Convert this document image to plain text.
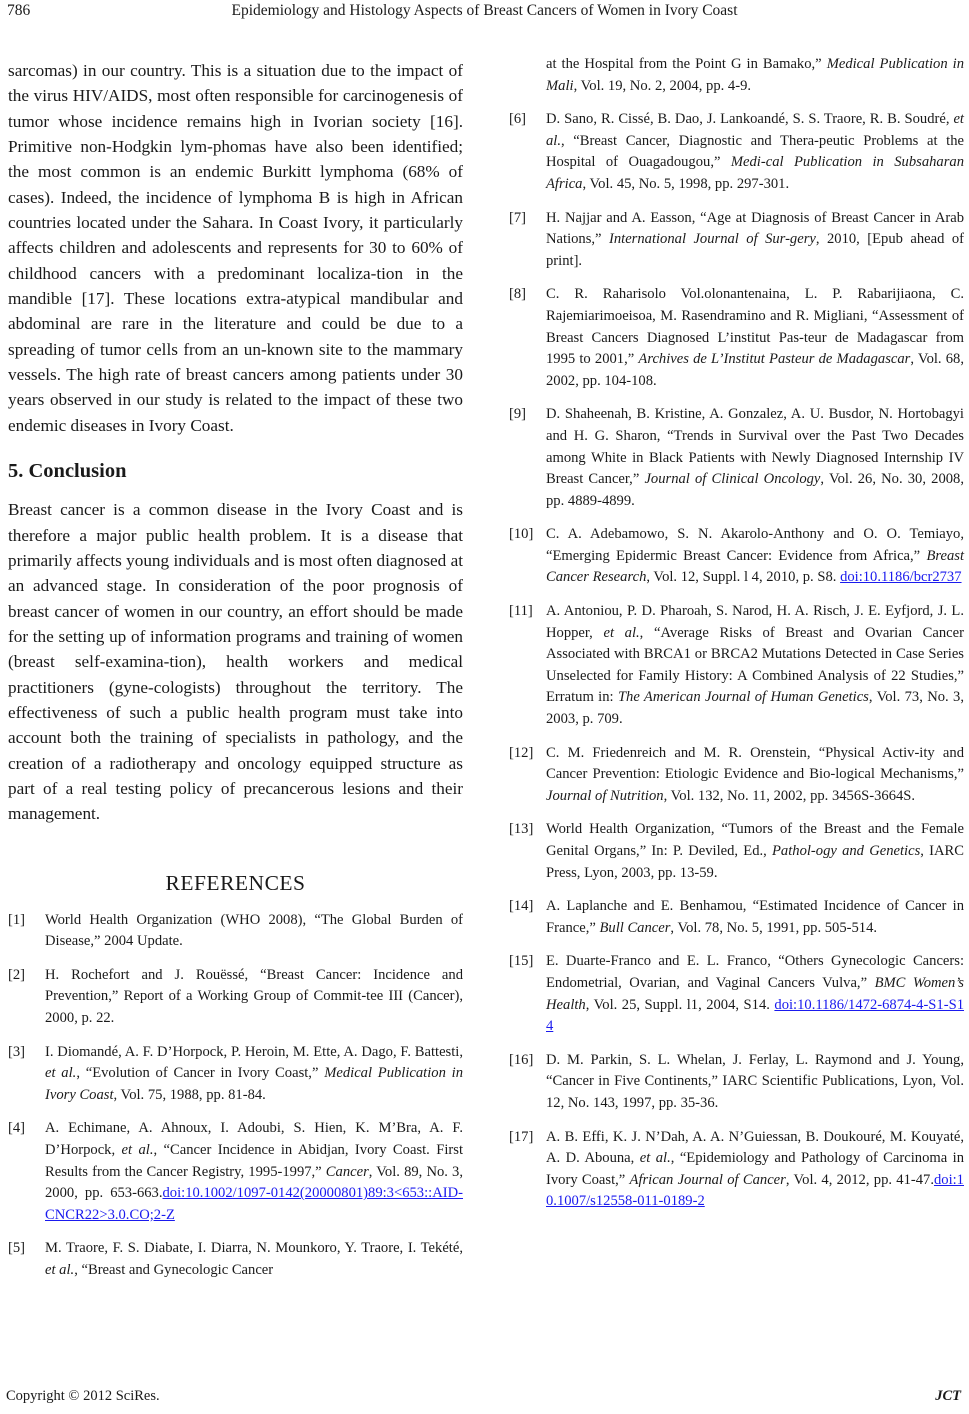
786	Epidemiology and Histology Aspects of Breast Cancers of Women in Ivory Coast

sarcomas) in our country. This is a situation due to the impact of the virus HIV/AIDS, most often responsible for carcinogenesis of tumor whose incidence remains high in Ivorian society [16]. Primitive non-Hodgkin lym-phomas have also been identified; the most common is an endemic Burkitt lymphoma (68% of cases). Indeed, the incidence of lymphoma B is high in African countries located under the Sahara. In Coast Ivory, it particularly affects children and adolescents and represents for 30 to 60% of childhood cancers with a predominant localiza-tion in the mandible [17]. These locations extra-atypical mandibular and abdominal are rare in the literature and could be due to a spreading of tumor cells from an un-known site to the mammary vessels. The high rate of breast cancers among patients under 30 years observed in our study is related to the impact of these two endemic diseases in Ivory Coast.

5. Conclusion

Breast cancer is a common disease in the Ivory Coast and is therefore a major public health problem. It is a disease that primarily affects young individuals and is most often diagnosed at an advanced stage. In consideration of the poor prognosis of breast cancer of women in our country, an effort should be made for the setting up of information programs and training of women (breast self-examina-tion), health workers and medical practitioners (gyne-cologists) throughout the territory. The effectiveness of such a public health program must take into account both the training of specialists in pathology, and the creation of a radiotherapy and oncology equipped structure as part of a real testing policy of precancerous lesions and their management.

REFERENCES
[1] World Health Organization (WHO 2008), “The Global Burden of Disease,” 2004 Update.
[2] H. Rochefort and J. Rouëssé, “Breast Cancer: Incidence and Prevention,” Report of a Working Group of Commit-tee III (Cancer), 2000, p. 22.
[3] I. Diomandé, A. F. D’Horpock, P. Heroin, M. Ette, A. Dago, F. Battesti, et al., “Evolution of Cancer in Ivory Coast,” Medical Publication in Ivory Coast, Vol. 75, 1988, pp. 81-84.
[4] A. Echimane, A. Ahnoux, I. Adoubi, S. Hien, K. M’Bra, A. F. D’Horpock, et al., “Cancer Incidence in Abidjan, Ivory Coast. First Results from the Cancer Registry, 1995-1997,” Cancer, Vol. 89, No. 3, 2000, pp. 653-663.doi:10.1002/1097-0142(20000801)89:3<653::AID-CNCR22>3.0.CO;2-Z
[5] M. Traore, F. S. Diabate, I. Diarra, N. Mounkoro, Y. Traore, I. Tekété, et al., “Breast and Gynecologic Cancer
at the Hospital from the Point G in Bamako,” Medical Publication in Mali, Vol. 19, No. 2, 2004, pp. 4-9.
[6] D. Sano, R. Cissé, B. Dao, J. Lankoandé, S. S. Traore, R. B. Soudré, et al., “Breast Cancer, Diagnostic and Thera-peutic Problems at the Hospital of Ouagadougou,” Medi-cal Publication in Subsaharan Africa, Vol. 45, No. 5, 1998, pp. 297-301.
[7] H. Najjar and A. Easson, “Age at Diagnosis of Breast Cancer in Arab Nations,” International Journal of Sur-gery, 2010, [Epub ahead of print].
[8] C. R. Raharisolo Vol.olonantenaina, L. P. Rabarijiaona, C. Rajemiarimoeisoa, M. Rasendramino and R. Migliani, “Assessment of Breast Cancers Diagnosed L’institut Pas-teur de Madagascar from 1995 to 2001,” Archives de L’Institut Pasteur de Madagascar, Vol. 68, 2002, pp. 104-108.
[9] D. Shaheenah, B. Kristine, A. Gonzalez, A. U. Busdor, N. Hortobagyi and H. G. Sharon, “Trends in Survival over the Past Two Decades among White in Black Patients with Newly Diagnosed Internship IV Breast Cancer,” Journal of Clinical Oncology, Vol. 26, No. 30, 2008, pp. 4889-4899.
[10] C. A. Adebamowo, S. N. Akarolo-Anthony and O. O. Temiayo, “Emerging Epidermic Breast Cancer: Evidence from Africa,” Breast Cancer Research, Vol. 12, Suppl. l 4, 2010, p. S8. doi:10.1186/bcr2737
[11] A. Antoniou, P. D. Pharoah, S. Narod, H. A. Risch, J. E. Eyfjord, J. L. Hopper, et al., “Average Risks of Breast and Ovarian Cancer Associated with BRCA1 or BRCA2 Mutations Detected in Case Series Unselected for Family History: A Combined Analysis of 22 Studies,” Erratum in: The American Journal of Human Genetics, Vol. 73, No. 3, 2003, p. 709.
[12] C. M. Friedenreich and M. R. Orenstein, “Physical Activ-ity and Cancer Prevention: Etiologic Evidence and Bio-logical Mechanisms,” Journal of Nutrition, Vol. 132, No. 11, 2002, pp. 3456S-3664S.
[13] World Health Organization, “Tumors of the Breast and the Female Genital Organs,” In: P. Deviled, Ed., Pathol-ogy and Genetics, IARC Press, Lyon, 2003, pp. 13-59.
[14] A. Laplanche and E. Benhamou, “Estimated Incidence of Cancer in France,” Bull Cancer, Vol. 78, No. 5, 1991, pp. 505-514.
[15] E. Duarte-Franco and E. L. Franco, “Others Gynecologic Cancers: Endometrial, Ovarian, and Vaginal Cancers Vulva,” BMC Women’s Health, Vol. 25, Suppl. l1, 2004, S14. doi:10.1186/1472-6874-4-S1-S14
[16] D. M. Parkin, S. L. Whelan, J. Ferlay, L. Raymond and J. Young, “Cancer in Five Continents,” IARC Scientific Publications, Lyon, Vol. 12, No. 143, 1997, pp. 35-36.
[17] A. B. Effi, K. J. N’Dah, A. A. N’Guiessan, B. Doukouré, M. Kouyaté, A. D. Abouna, et al., “Epidemiology and Pathology of Carcinoma in Ivory Coast,” African Journal of Cancer, Vol. 4, 2012, pp. 41-47.doi:10.1007/s12558-011-0189-2
Copyright © 2012 SciRes.	JCT
